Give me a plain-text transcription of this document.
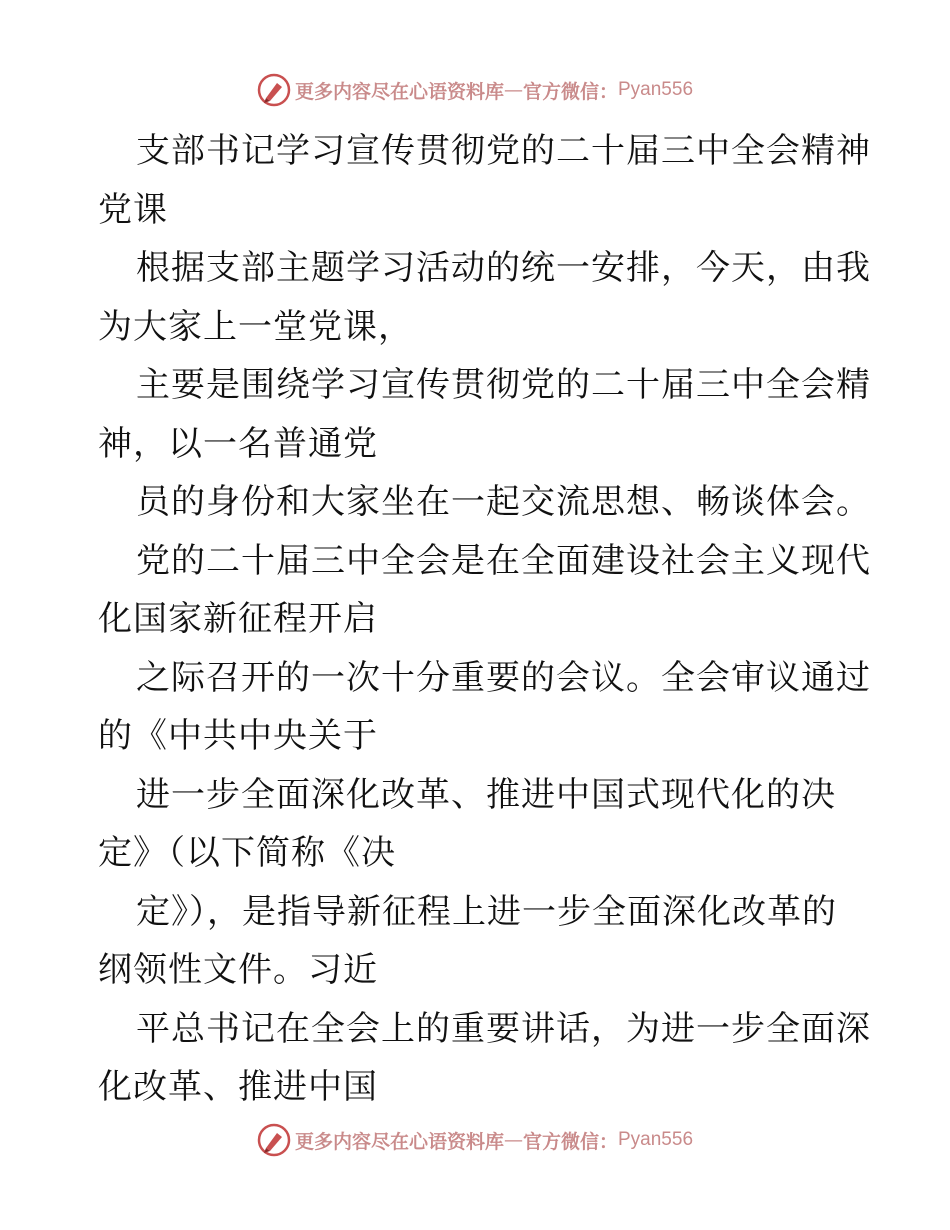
更多内容尽在心语资料库 — 官方微信： Pyan556
支部书记学习宣传贯彻党的二十届三中全会精神
党课
根据支部主题学习活动的统一安排，今天，由我
为大家上一堂党课，
主要是围绕学习宣传贯彻党的二十届三中全会精
神，以一名普通党
员的身份和大家坐在一起交流思想、畅谈体会。
党的二十届三中全会是在全面建设社会主义现代
化国家新征程开启
之际召开的一次十分重要的会议。全会审议通过
的《中共中央关于
进一步全面深化改革、推进中国式现代化的决
定》（以下简称《决
定》），是指导新征程上进一步全面深化改革的
纲领性文件。习近
平总书记在全会上的重要讲话，为进一步全面深
化改革、推进中国
更多内容尽在心语资料库 — 官方微信： Pyan556
